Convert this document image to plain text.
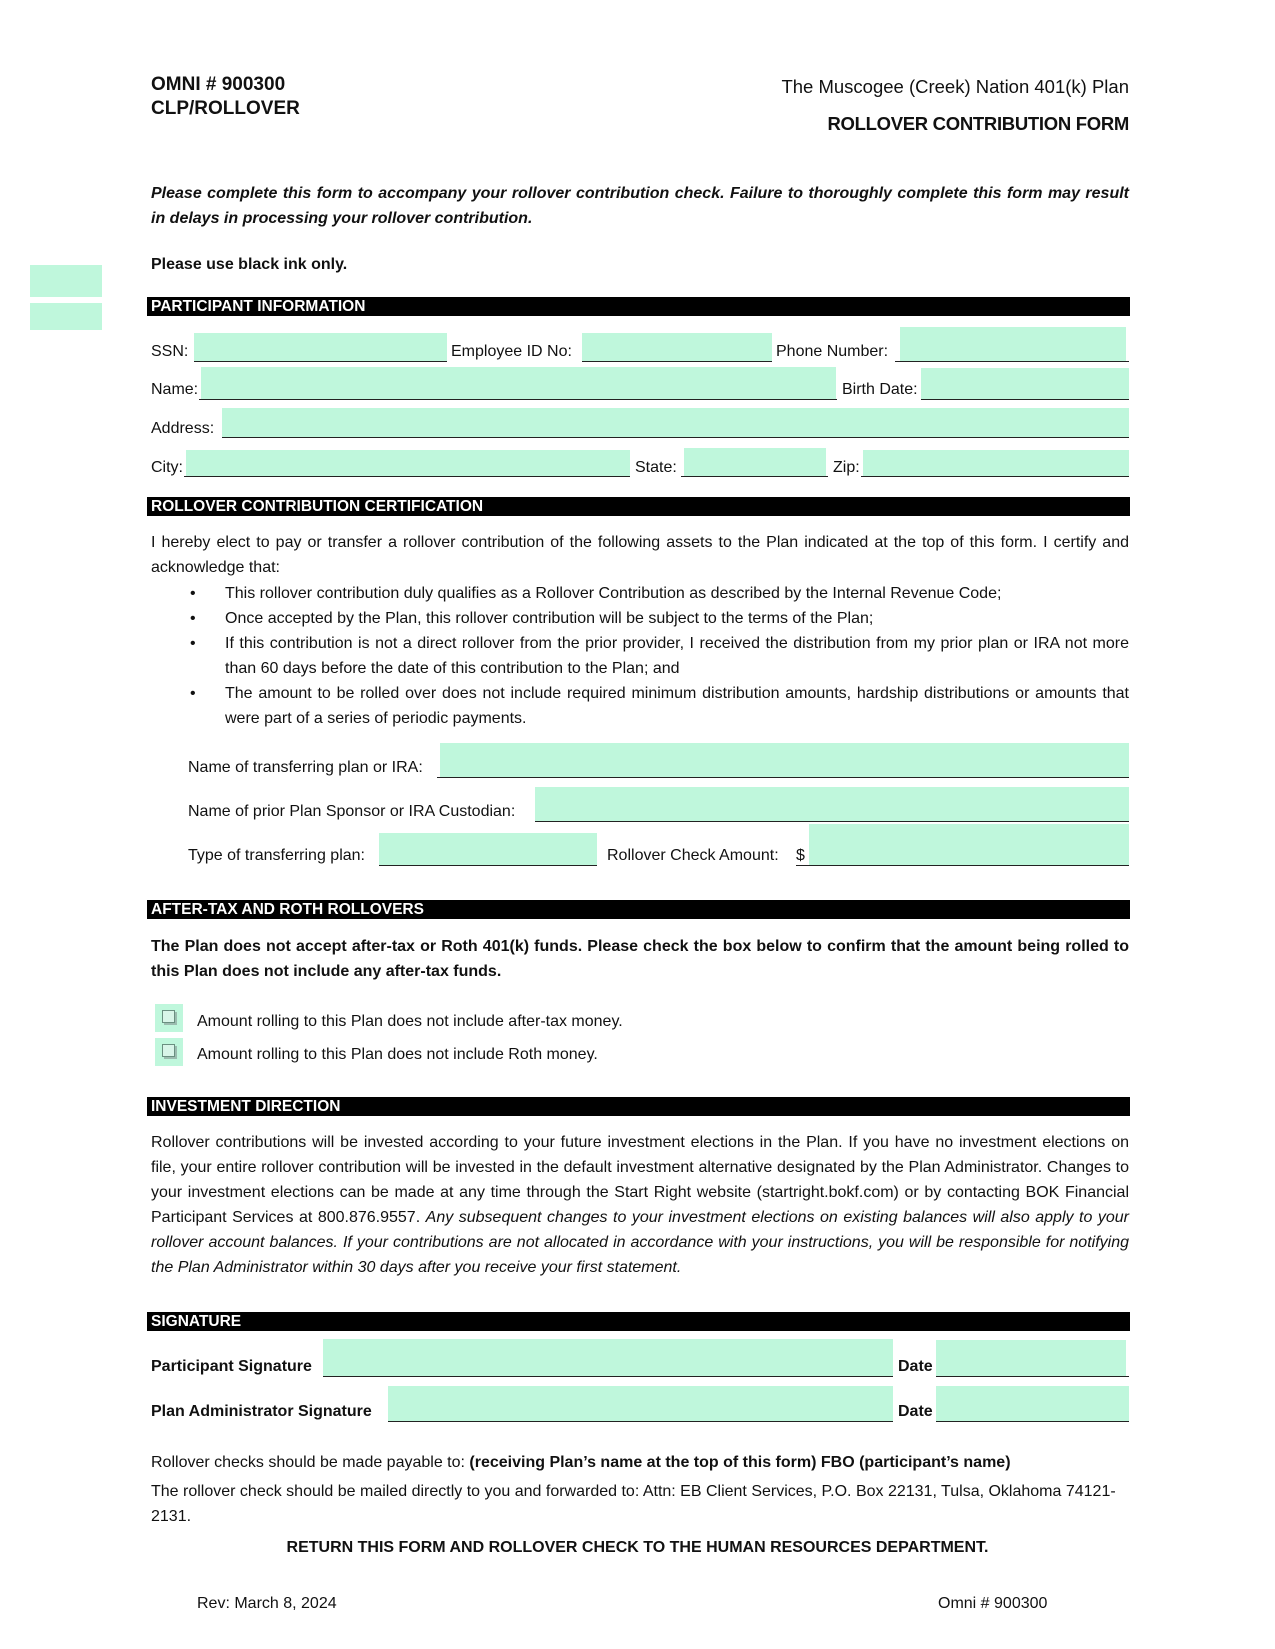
OMNI # 900300
CLP/ROLLOVER
The Muscogee (Creek) Nation 401(k) Plan
ROLLOVER CONTRIBUTION FORM
Please complete this form to accompany your rollover contribution check. Failure to thoroughly complete this form may result in delays in processing your rollover contribution.
Please use black ink only.
PARTICIPANT INFORMATION
SSN:	Employee ID No:	Phone Number:
Name:	Birth Date:
Address:
City:	State:	Zip:
ROLLOVER CONTRIBUTION CERTIFICATION
I hereby elect to pay or transfer a rollover contribution of the following assets to the Plan indicated at the top of this form. I certify and acknowledge that:
• This rollover contribution duly qualifies as a Rollover Contribution as described by the Internal Revenue Code;
• Once accepted by the Plan, this rollover contribution will be subject to the terms of the Plan;
• If this contribution is not a direct rollover from the prior provider, I received the distribution from my prior plan or IRA not more than 60 days before the date of this contribution to the Plan; and
• The amount to be rolled over does not include required minimum distribution amounts, hardship distributions or amounts that were part of a series of periodic payments.
Name of transferring plan or IRA:
Name of prior Plan Sponsor or IRA Custodian:
Type of transferring plan:	Rollover Check Amount: $
AFTER-TAX AND ROTH ROLLOVERS
The Plan does not accept after-tax or Roth 401(k) funds. Please check the box below to confirm that the amount being rolled to this Plan does not include any after-tax funds.
Amount rolling to this Plan does not include after-tax money.
Amount rolling to this Plan does not include Roth money.
INVESTMENT DIRECTION
Rollover contributions will be invested according to your future investment elections in the Plan. If you have no investment elections on file, your entire rollover contribution will be invested in the default investment alternative designated by the Plan Administrator. Changes to your investment elections can be made at any time through the Start Right website (startright.bokf.com) or by contacting BOK Financial Participant Services at 800.876.9557. Any subsequent changes to your investment elections on existing balances will also apply to your rollover account balances. If your contributions are not allocated in accordance with your instructions, you will be responsible for notifying the Plan Administrator within 30 days after you receive your first statement.
SIGNATURE
Participant Signature	Date
Plan Administrator Signature	Date
Rollover checks should be made payable to: (receiving Plan’s name at the top of this form) FBO (participant’s name)
The rollover check should be mailed directly to you and forwarded to: Attn: EB Client Services, P.O. Box 22131, Tulsa, Oklahoma 74121-2131.
RETURN THIS FORM AND ROLLOVER CHECK TO THE HUMAN RESOURCES DEPARTMENT.
Rev: March 8, 2024	Omni # 900300
